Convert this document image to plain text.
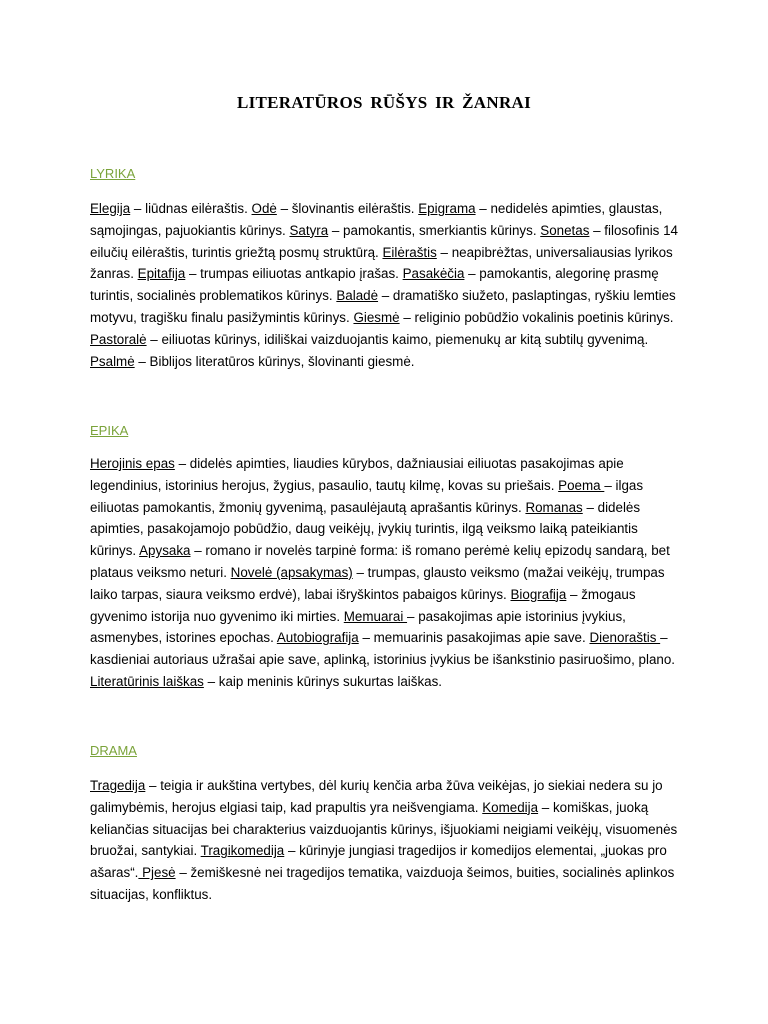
LITERATŪROS RŪŠYS IR ŽANRAI
LYRIKA
Elegija – liūdnas eilėraštis. Odė – šlovinantis eilėraštis. Epigrama – nedidelės apimties, glaustas, sąmojingas, pajuokiantis kūrinys. Satyra – pamokantis, smerkiantis kūrinys. Sonetas – filosofinis 14 eilučių eilėraštis, turintis griežtą posmų struktūrą. Eilėraštis – neapibrėžtas, universaliausias lyrikos žanras. Epitafija – trumpas eiliuotas antkapio įrašas. Pasakėčia – pamokantis, alegorinę prasmę turintis, socialinės problematikos kūrinys. Baladė – dramatiško siužeto, paslaptingas, ryškiu lemties motyvu, tragišku finalu pasižymintis kūrinys. Giesmė – religinio pobūdžio vokalinis poetinis kūrinys. Pastoralė – eiliuotas kūrinys, idiliškai vaizduojantis kaimo, piemenukų ar kitą subtilų gyvenimą. Psalmė – Biblijos literatūros kūrinys, šlovinanti giesmė.
EPIKA
Herojinis epas – didelės apimties, liaudies kūrybos, dažniausiai eiliuotas pasakojimas apie legendinius, istorinius herojus, žygius, pasaulio, tautų kilmę, kovas su priešais. Poema – ilgas eiliuotas pamokantis, žmonių gyvenimą, pasaulėjautą aprašantis kūrinys. Romanas – didelės apimties, pasakojamojo pobūdžio, daug veikėjų, įvykių turintis, ilgą veiksmo laiką pateikiantis kūrinys. Apysaka – romano ir novelės tarpinė forma: iš romano perėmė kelių epizodų sandarą, bet plataus veiksmo neturi. Novelė (apsakymas) – trumpas, glausto veiksmo (mažai veikėjų, trumpas laiko tarpas, siaura veiksmo erdvė), labai išryškintos pabaigos kūrinys. Biografija – žmogaus gyvenimo istorija nuo gyvenimo iki mirties. Memuarai – pasakojimas apie istorinius įvykius, asmenybes, istorines epochas. Autobiografija – memuarinis pasakojimas apie save. Dienoraštis – kasdieniai autoriaus užrašai apie save, aplinką, istorinius įvykius be išankstinio pasiruošimo, plano. Literatūrinis laiškas – kaip meninis kūrinys sukurtas laiškas.
DRAMA
Tragedija – teigia ir aukština vertybes, dėl kurių kenčia arba žūva veikėjas, jo siekiai nedera su jo galimybėmis, herojus elgiasi taip, kad prapultis yra neišvengiama. Komedija – komiškas, juoką keliančias situacijas bei charakterius vaizduojantis kūrinys, išjuokiami neigiami veikėjų, visuomenės bruožai, santykiai. Tragikomedija – kūrinyje jungiasi tragedijos ir komedijos elementai, „juokas pro ašaras“. Pjesė – žemiškesnė nei tragedijos tematika, vaizduoja šeimos, buities, socialinės aplinkos situacijas, konfliktus.
